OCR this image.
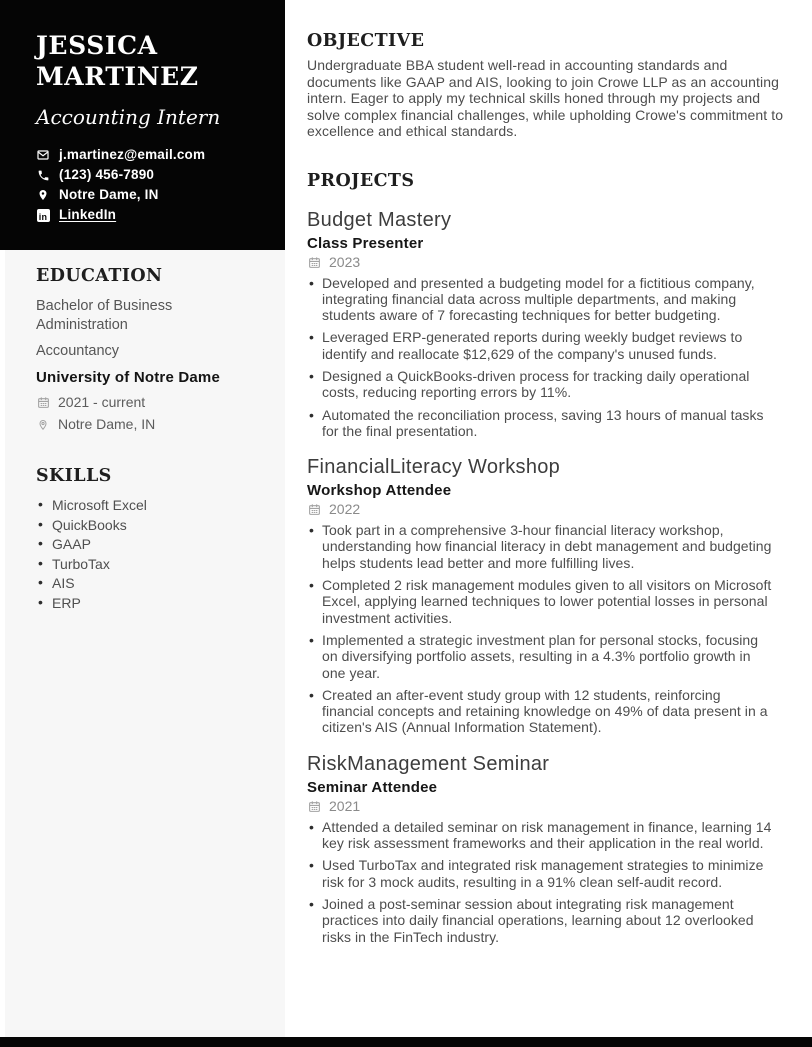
JESSICA
MARTINEZ
Accounting Intern
j.martinez@email.com
(123) 456-7890
Notre Dame, IN
in
LinkedIn
EDUCATION
Bachelor of Business Administration
Accountancy
University of Notre Dame
2021 - current
Notre Dame, IN
SKILLS
• Microsoft Excel
• QuickBooks
• GAAP
• TurboTax
• AIS
• ERP
OBJECTIVE

Undergraduate BBA student well-read in accounting standards and documents like GAAP and AIS, looking to join Crowe LLP as an accounting intern. Eager to apply my technical skills honed through my projects and solve complex financial challenges, while upholding Crowe's commitment to excellence and ethical standards.

PROJECTS
Budget Mastery
Class Presenter
2023
• Developed and presented a budgeting model for a fictitious company, integrating financial data across multiple departments, and making students aware of 7 forecasting techniques for better budgeting.
• Leveraged ERP-generated reports during weekly budget reviews to identify and reallocate $12,629 of the company's unused funds.
• Designed a QuickBooks-driven process for tracking daily operational costs, reducing reporting errors by 11%.
• Automated the reconciliation process, saving 13 hours of manual tasks for the final presentation.
FinancialLiteracy Workshop
Workshop Attendee
2022
• Took part in a comprehensive 3-hour financial literacy workshop, understanding how financial literacy in debt management and budgeting helps students lead better and more fulfilling lives.
• Completed 2 risk management modules given to all visitors on Microsoft Excel, applying learned techniques to lower potential losses in personal investment activities.
• Implemented a strategic investment plan for personal stocks, focusing on diversifying portfolio assets, resulting in a 4.3% portfolio growth in one year.
• Created an after-event study group with 12 students, reinforcing financial concepts and retaining knowledge on 49% of data present in a citizen's AIS (Annual Information Statement).
RiskManagement Seminar
Seminar Attendee
2021
• Attended a detailed seminar on risk management in finance, learning 14 key risk assessment frameworks and their application in the real world.
• Used TurboTax and integrated risk management strategies to minimize risk for 3 mock audits, resulting in a 91% clean self-audit record.
• Joined a post-seminar session about integrating risk management practices into daily financial operations, learning about 12 overlooked risks in the FinTech industry.
